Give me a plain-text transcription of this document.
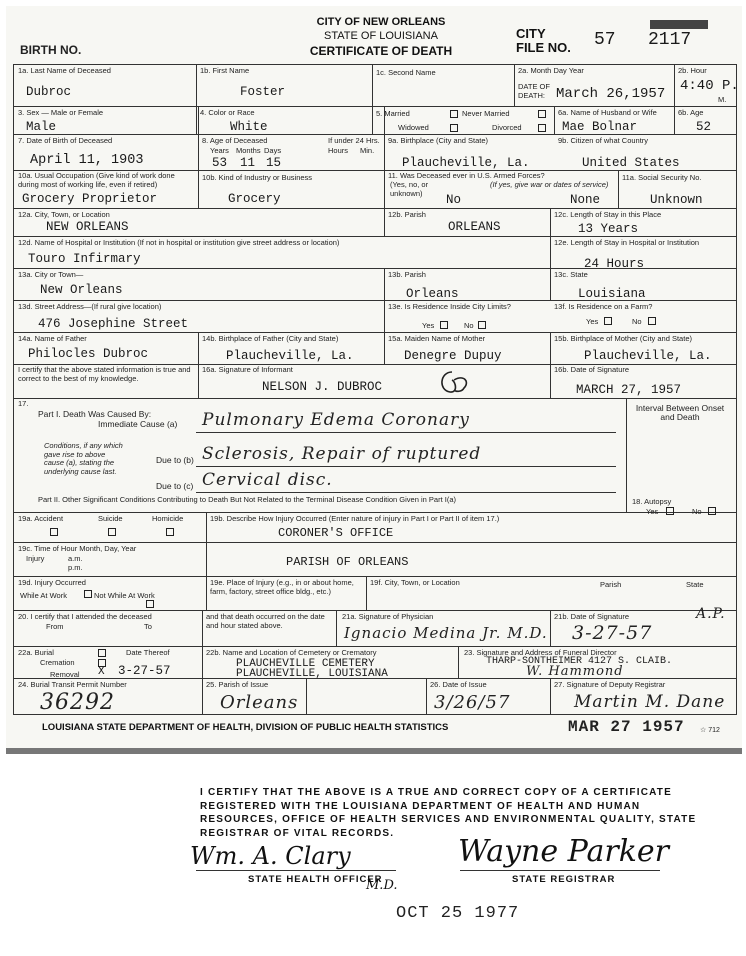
BIRTH NO.
CITY OF NEW ORLEANS
STATE OF LOUISIANA
CERTIFICATE OF DEATH
CITY
FILE NO. 57   2117
1a. Last Name of Deceased
Dubroc
1b. First Name
Foster
1c. Second Name	2a. Month Day Year
DATE OF DEATH: March 26,1957
2b. Hour
4:40 P.
M.
3. Sex — Male or Female
Male
4. Color or Race
White
5. Married	Never Married
Widowed	Divorced
6a. Name of Husband or Wife
Mae Bolnar
6b. Age
52
7. Date of Birth of Deceased
April 11, 1903
8. Age of Deceased	If under 24 Hrs.
Years Months Days	Hours Min.
53 11 15
9a. Birthplace (City and State)
Plaucheville, La.
9b. Citizen of what Country
United States
10a. Usual Occupation (Give kind of work done during most of working life, even if retired)
Grocery Proprietor
10b. Kind of Industry or Business
Grocery
11. Was Deceased ever in U.S. Armed Forces?
(Yes, no, or unknown)	No
(If yes, give war or dates of service)
None
11a. Social Security No.
Unknown
12a. City, Town, or Location
NEW ORLEANS
12b. Parish
ORLEANS
12c. Length of Stay in this Place
13 Years
12d. Name of Hospital or Institution (If not in hospital or institution give street address or location)
Touro Infirmary
12e. Length of Stay in Hospital or Institution
24 Hours
13a. City or Town—
New Orleans
13b. Parish
Orleans
13c. State
Louisiana
13d. Street Address—(If rural give location)
476 Josephine Street
13e. Is Residence Inside City Limits?
Yes	No
13f. Is Residence on a Farm?
Yes	No
14a. Name of Father
Philocles Dubroc
14b. Birthplace of Father (City and State)
Plaucheville, La.
15a. Maiden Name of Mother
Denegre Dupuy
15b. Birthplace of Mother (City and State)
Plaucheville, La.
I certify that the above stated information is true and correct to the best of my knowledge.
16a. Signature of Informant
NELSON J. DUBROC
16b. Date of Signature
MARCH 27, 1957
17.
Part I. Death Was Caused By:
Immediate Cause (a) Pulmonary Edema Coronary
Conditions, if any which gave rise to above cause (a), stating the underlying cause last.
Due to (b) Sclerosis, Repair of ruptured
Due to (c) Cervical disc.
Interval Between Onset and Death
Part II. Other Significant Conditions Contributing to Death But Not Related to the Terminal Disease Condition Given in Part I(a)	18. Autopsy
Yes	No
19a. Accident	Suicide	Homicide	19b. Describe How Injury Occurred (Enter nature of injury in Part I or Part II of item 17.)
CORONER'S OFFICE
PARISH OF ORLEANS
19c. Time of Hour Month, Day, Year
Injury	a.m.
p.m.
19d. Injury Occurred
While At Work	Not While At Work
19e. Place of Injury (e.g., in or about home, farm, factory, street office bldg., etc.)
19f. City, Town, or Location	Parish	State
20. I certify that I attended the deceased
From	To
and that death occurred on the date and hour stated above.
21a. Signature of Physician
Ignacio Medina Jr. M.D.
21b. Date of Signature
3-27-57
A.P.
22a. Burial
Cremation
Removal X
Date Thereof
3-27-57
22b. Name and Location of Cemetery or Crematory
PLAUCHEVILLE CEMETERY
PLAUCHEVILLE, LOUISIANA
23. Signature and Address of Funeral Director
THARP-SONTHEIMER 4127 S. CLAIB.
W. Hammond
24. Burial Transit Permit Number
36292
25. Parish of Issue
Orleans
26. Date of Issue
3/26/57
27. Signature of Deputy Registrar
Martin M. Dane
LOUISIANA STATE DEPARTMENT OF HEALTH, DIVISION OF PUBLIC HEALTH STATISTICS	MAR 27 1957 ☆ 712
I CERTIFY THAT THE ABOVE IS A TRUE AND CORRECT COPY OF A CERTIFICATE REGISTERED WITH THE LOUISIANA DEPARTMENT OF HEALTH AND HUMAN RESOURCES, OFFICE OF HEALTH SERVICES AND ENVIRONMENTAL QUALITY, STATE REGISTRAR OF VITAL RECORDS.
Wm. A. Clary
M.D.
STATE HEALTH OFFICER
Wayne Parker
STATE REGISTRAR
OCT 25 1977
